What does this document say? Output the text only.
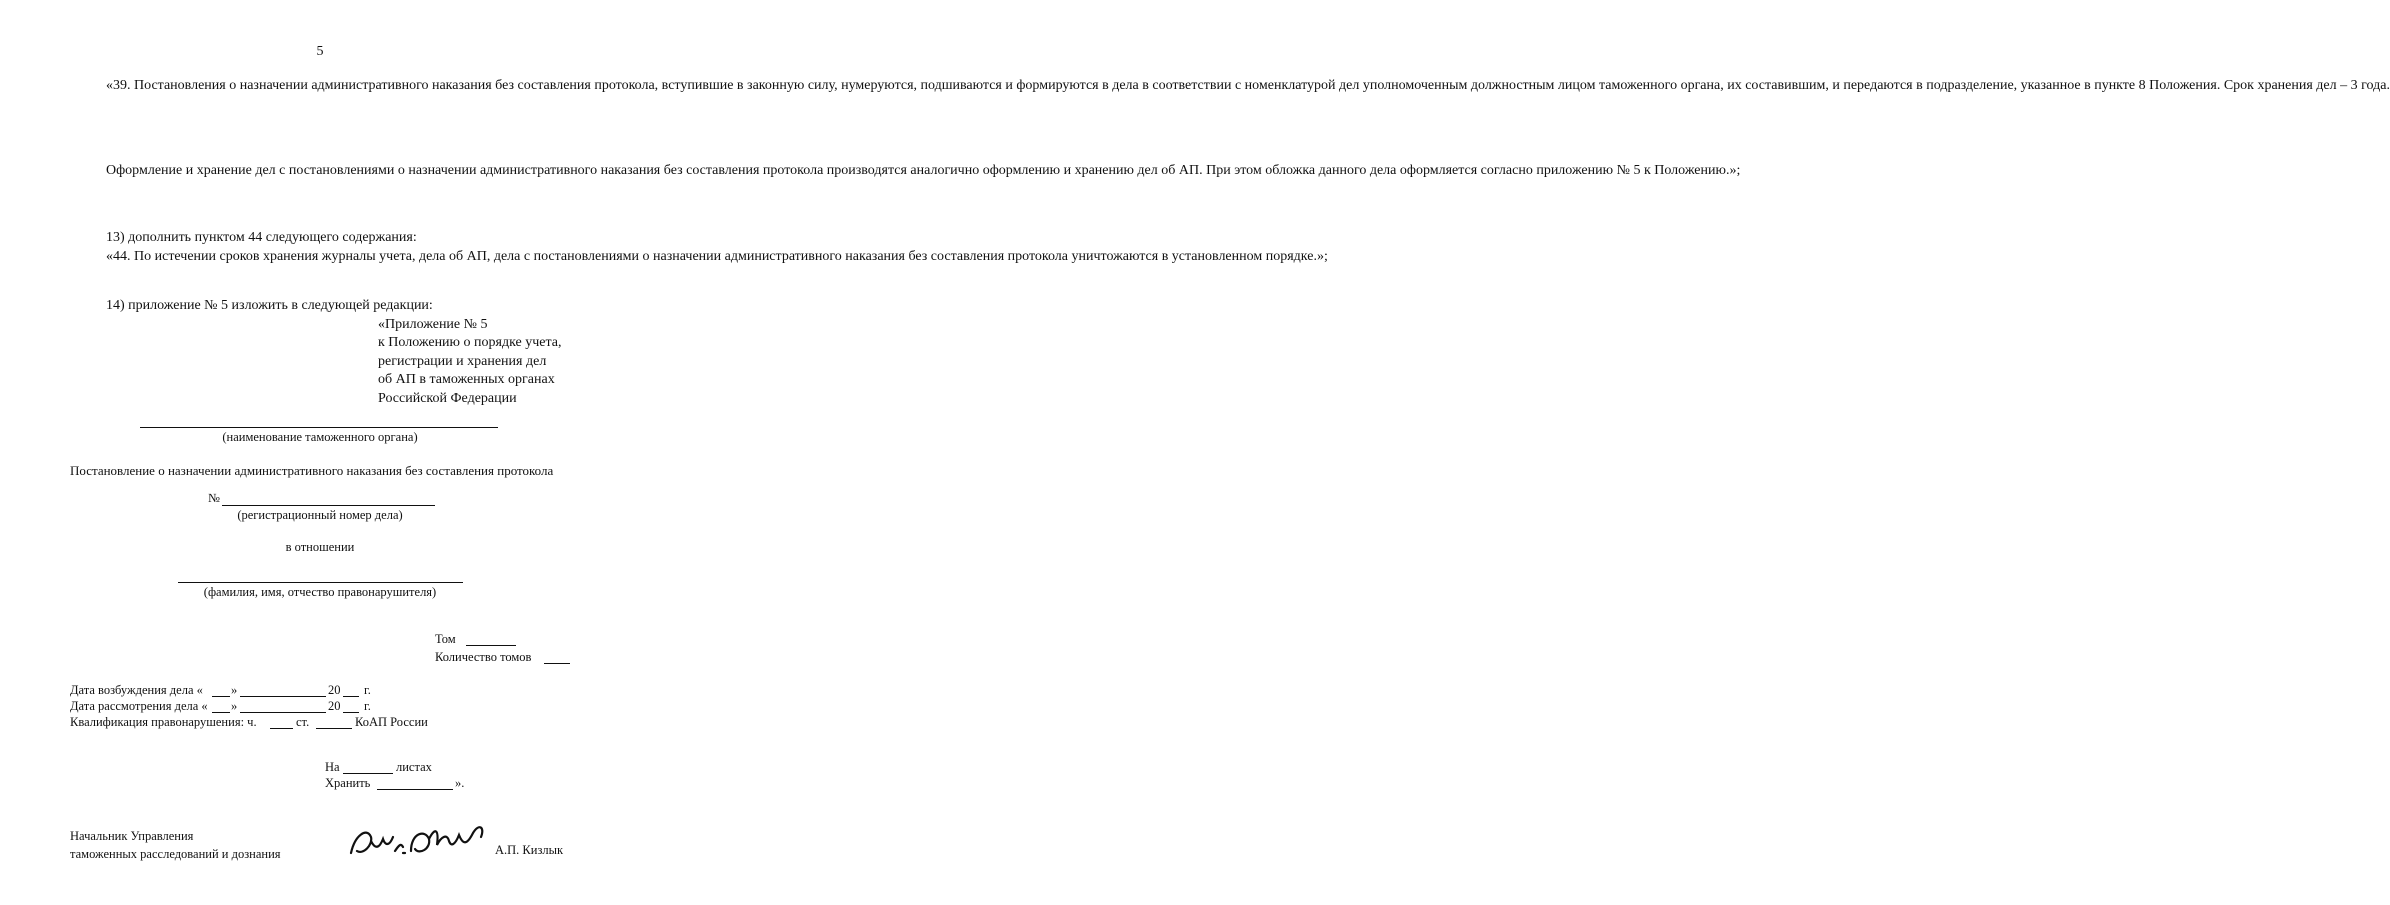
5
«39. Постановления о назначении административного наказания без составления протокола, вступившие в законную силу, нумеруются, подшиваются и формируются в дела в соответствии с номенклатурой дел уполномоченным должностным лицом таможенного органа, их составившим, и передаются в подразделение, указанное в пункте 8 Положения. Срок хранения дел – 3 года.
Оформление и хранение дел с постановлениями о назначении административного наказания без составления протокола производятся аналогично оформлению и хранению дел об АП. При этом обложка данного дела оформляется согласно приложению № 5 к Положению.»;
13) дополнить пунктом 44 следующего содержания:
«44. По истечении сроков хранения журналы учета, дела об АП, дела с постановлениями о назначении административного наказания без составления протокола уничтожаются в установленном порядке.»;
14) приложение № 5 изложить в следующей редакции:
«Приложение № 5
к Положению о порядке учета,
регистрации и хранения дел
об АП в таможенных органах
Российской Федерации
(наименование таможенного органа)
Постановление о назначении административного наказания без составления протокола
№
(регистрационный номер дела)
в отношении
(фамилия, имя, отчество правонарушителя)
Том
Количество томов
Дата возбуждения дела « »	20 г.
Дата рассмотрения дела « »	20 г.
Квалификация правонарушения: ч.	ст.	КоАП России
На	листах
Хранить	».
Начальник Управления
таможенных расследований и дознания	А.П. Кизлык
